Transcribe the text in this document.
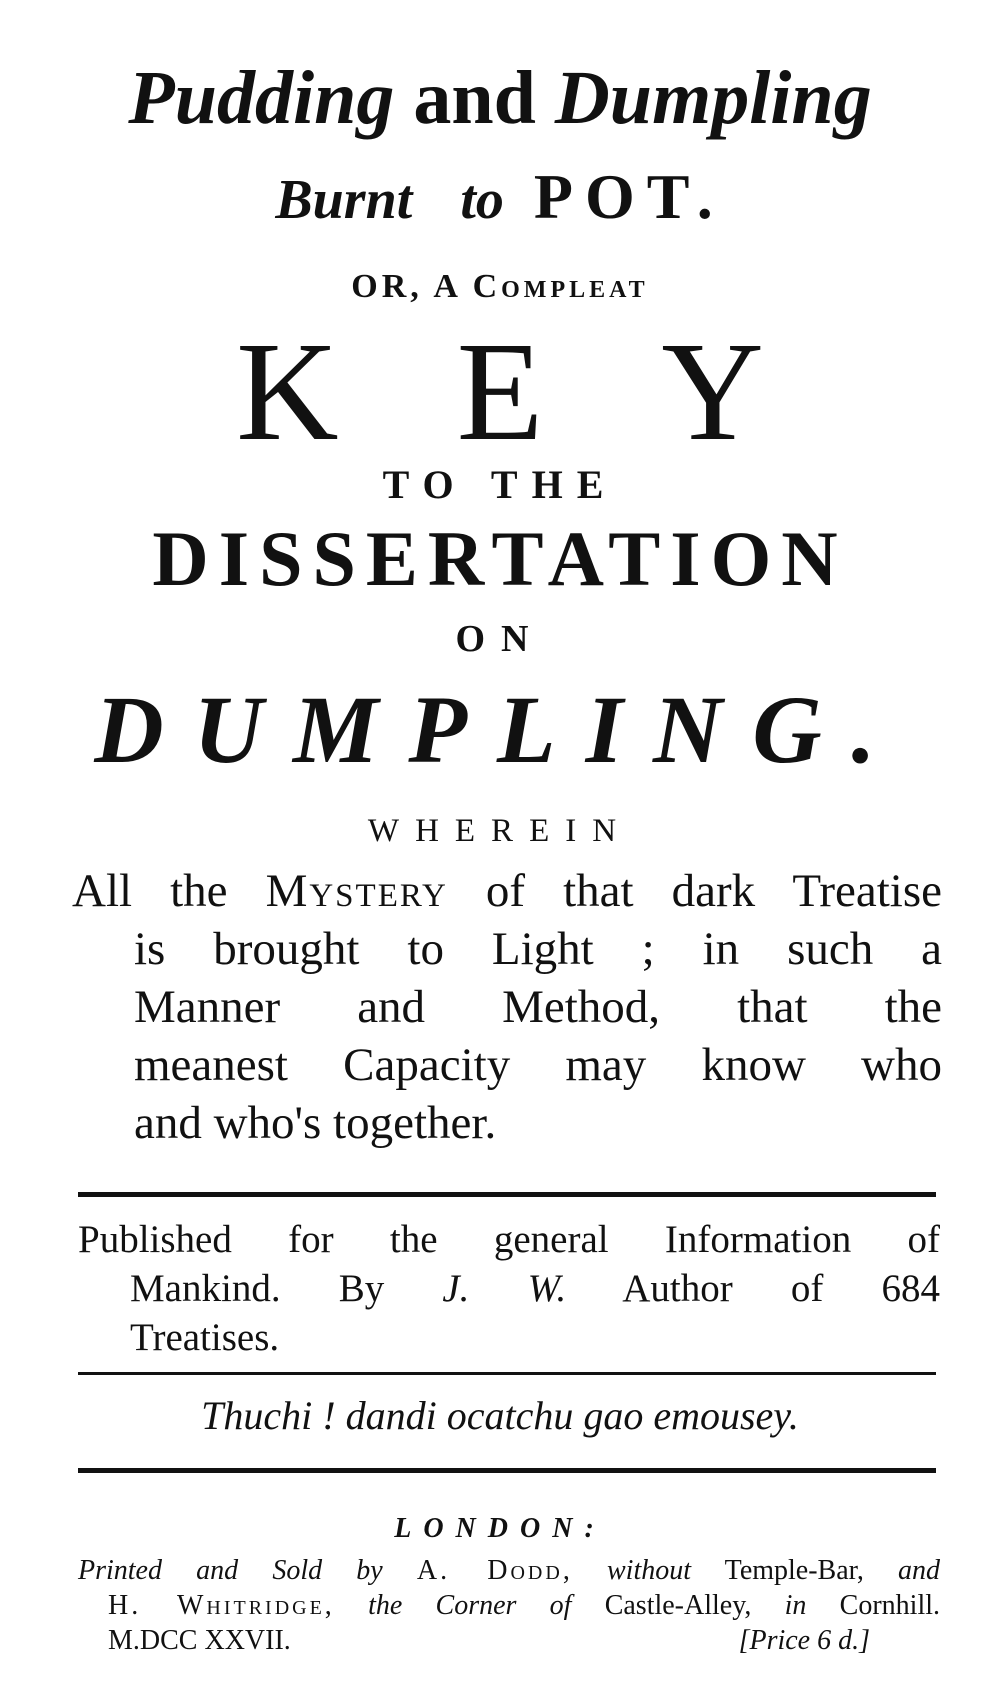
Pudding and Dumpling
Burnt to POT.
OR, A Compleat
KEY
TO THE
DISSERTATION
ON
DUMPLING.
WHEREIN
All the Mystery of that dark Treatise
is brought to Light ; in such a
Manner and Method, that the
meanest Capacity may know who
and who's together.
Published for the general Information of
Mankind. By J. W. Author of 684
Treatises.
Thuchi ! dandi ocatchu gao emousey.
LONDON:
Printed and Sold by A. Dodd, without Temple-Bar, and
H. Whitridge, the Corner of Castle-Alley, in Cornhill.
M.DCC XXVII.	[Price 6 d.]
